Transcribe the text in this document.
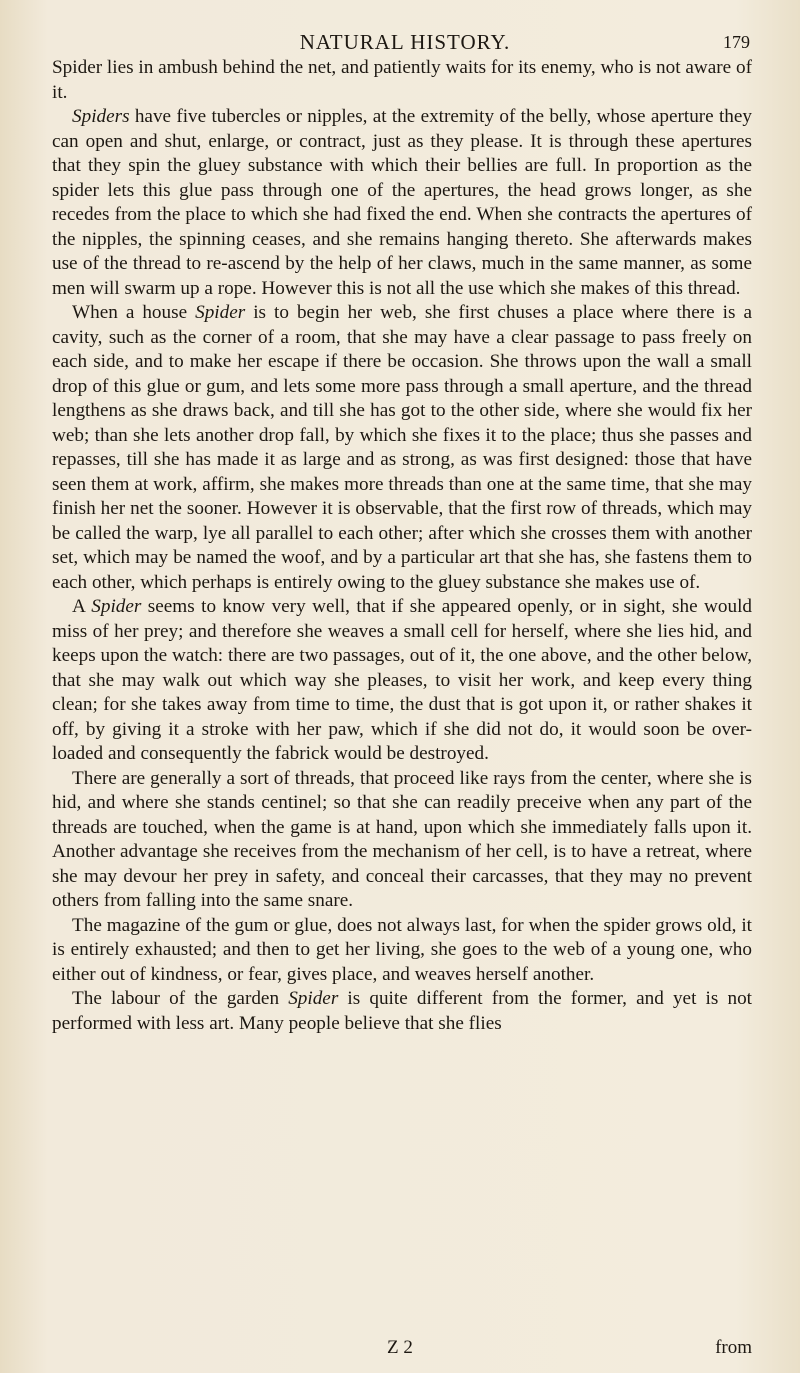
NATURAL HISTORY.	179

Spider lies in ambush behind the net, and patiently waits for its enemy, who is not aware of it.

Spiders have five tubercles or nipples, at the extremity of the belly, whose aperture they can open and shut, enlarge, or contract, just as they please. It is through these apertures that they spin the gluey substance with which their bellies are full. In proportion as the spider lets this glue pass through one of the apertures, the head grows longer, as she recedes from the place to which she had fixed the end. When she contracts the apertures of the nipples, the spinning ceases, and she remains hanging thereto. She afterwards makes use of the thread to re-ascend by the help of her claws, much in the same manner, as some men will swarm up a rope. However this is not all the use which she makes of this thread.

When a house Spider is to begin her web, she first chuses a place where there is a cavity, such as the corner of a room, that she may have a clear passage to pass freely on each side, and to make her escape if there be occasion. She throws upon the wall a small drop of this glue or gum, and lets some more pass through a small aperture, and the thread lengthens as she draws back, and till she has got to the other side, where she would fix her web; than she lets another drop fall, by which she fixes it to the place; thus she passes and repasses, till she has made it as large and as strong, as was first designed: those that have seen them at work, affirm, she makes more threads than one at the same time, that she may finish her net the sooner. However it is observable, that the first row of threads, which may be called the warp, lye all parallel to each other; after which she crosses them with another set, which may be named the woof, and by a particular art that she has, she fastens them to each other, which perhaps is entirely owing to the gluey substance she makes use of.

A Spider seems to know very well, that if she appeared openly, or in sight, she would miss of her prey; and therefore she weaves a small cell for herself, where she lies hid, and keeps upon the watch: there are two passages, out of it, the one above, and the other below, that she may walk out which way she pleases, to visit her work, and keep every thing clean; for she takes away from time to time, the dust that is got upon it, or rather shakes it off, by giving it a stroke with her paw, which if she did not do, it would soon be over-loaded and consequently the fabrick would be destroyed.

There are generally a sort of threads, that proceed like rays from the center, where she is hid, and where she stands centinel; so that she can readily preceive when any part of the threads are touched, when the game is at hand, upon which she immediately falls upon it. Another advantage she receives from the mechanism of her cell, is to have a retreat, where she may devour her prey in safety, and conceal their carcasses, that they may no prevent others from falling into the same snare.

The magazine of the gum or glue, does not always last, for when the spider grows old, it is entirely exhausted; and then to get her living, she goes to the web of a young one, who either out of kindness, or fear, gives place, and weaves herself another.

The labour of the garden Spider is quite different from the former, and yet is not performed with less art. Many people believe that she flies

Z 2	from
